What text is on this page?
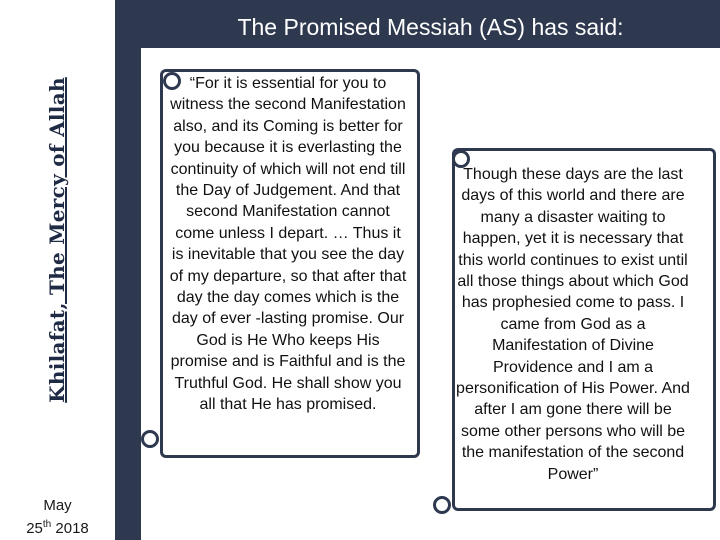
Khilafat, The Mercy of Allah
May
25th 2018
The Promised Messiah (AS) has said:
“For it is essential for you to witness the second Manifestation also, and its Coming is better for you because it is everlasting the continuity of which will not end till the Day of Judgement. And that second Manifestation cannot come unless I depart. … Thus it is inevitable that you see the day of my departure, so that after that day the day comes which is the day of ever -lasting promise. Our God is He Who keeps His promise and is Faithful and is the Truthful God. He shall show you all that He has promised.
Though these days are the last days of this world and there are many a disaster waiting to happen, yet it is necessary that this world continues to exist until all those things about which God has prophesied come to pass. I came from God as a Manifestation of Divine Providence and I am a personification of His Power. And after I am gone there will be some other persons who will be the manifestation of the second Power”
